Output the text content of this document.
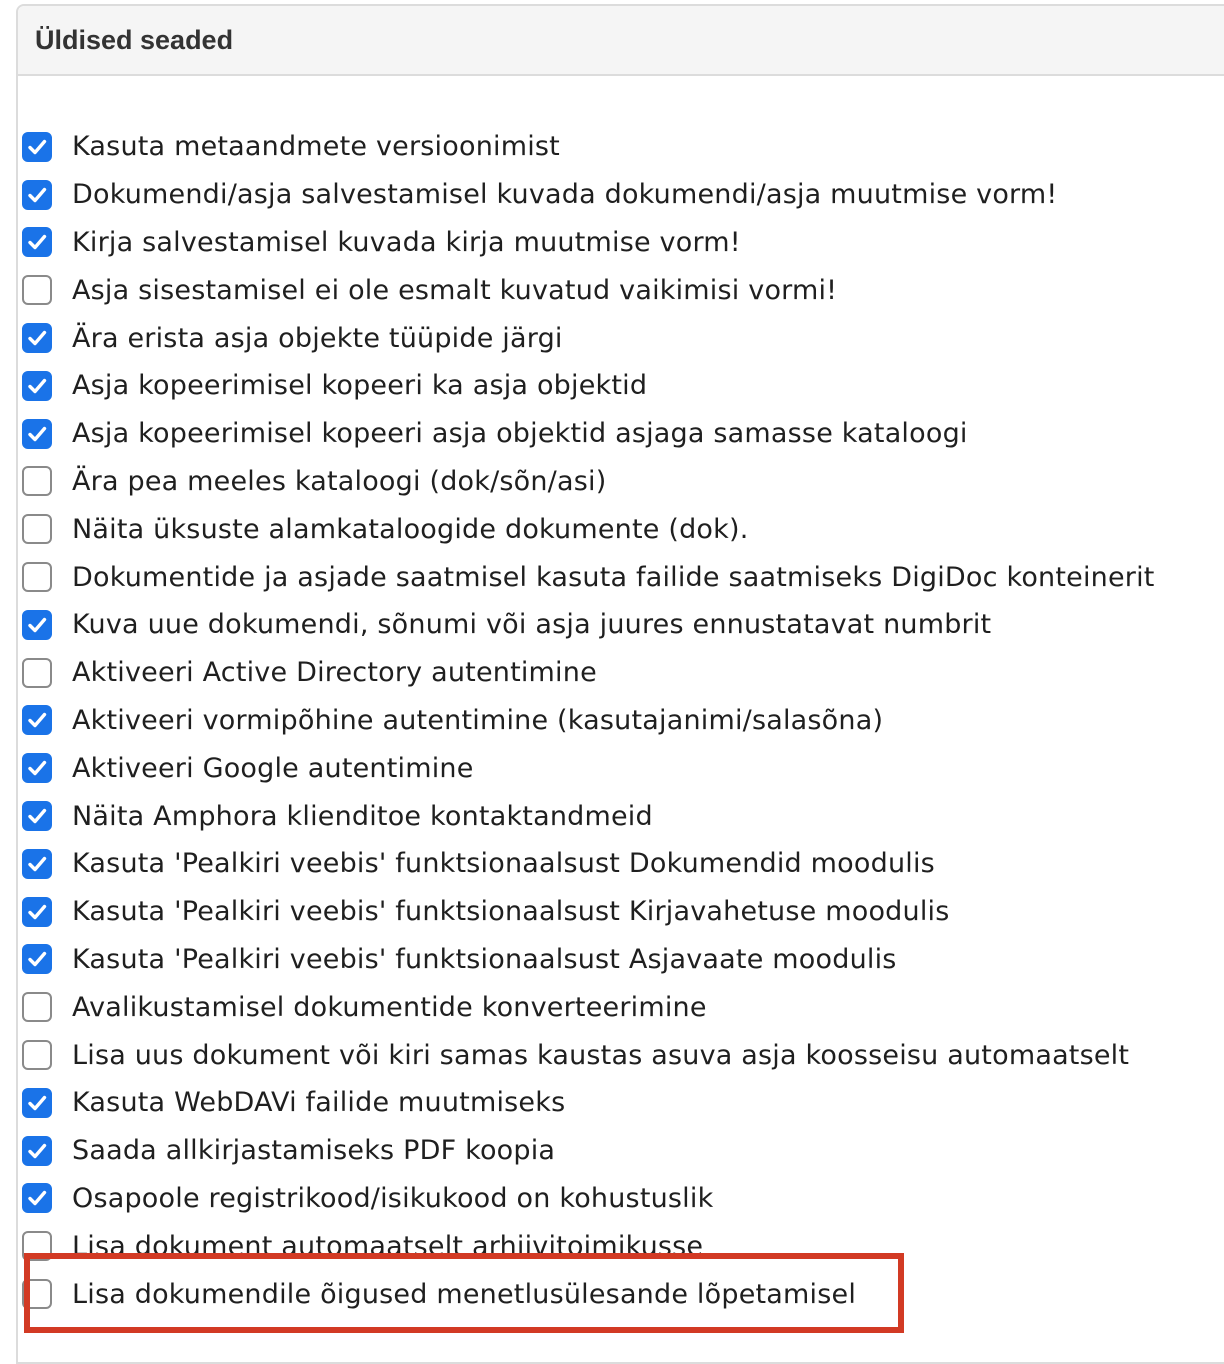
Üldised seaded
Kasuta metaandmete versioonimist
Dokumendi/asja salvestamisel kuvada dokumendi/asja muutmise vorm!
Kirja salvestamisel kuvada kirja muutmise vorm!
Asja sisestamisel ei ole esmalt kuvatud vaikimisi vormi!
Ära erista asja objekte tüüpide järgi
Asja kopeerimisel kopeeri ka asja objektid
Asja kopeerimisel kopeeri asja objektid asjaga samasse kataloogi
Ära pea meeles kataloogi (dok/sõn/asi)
Näita üksuste alamkataloogide dokumente (dok).
Dokumentide ja asjade saatmisel kasuta failide saatmiseks DigiDoc konteinerit
Kuva uue dokumendi, sõnumi või asja juures ennustatavat numbrit
Aktiveeri Active Directory autentimine
Aktiveeri vormipõhine autentimine (kasutajanimi/salasõna)
Aktiveeri Google autentimine
Näita Amphora klienditoe kontaktandmeid
Kasuta 'Pealkiri veebis' funktsionaalsust Dokumendid moodulis
Kasuta 'Pealkiri veebis' funktsionaalsust Kirjavahetuse moodulis
Kasuta 'Pealkiri veebis' funktsionaalsust Asjavaate moodulis
Avalikustamisel dokumentide konverteerimine
Lisa uus dokument või kiri samas kaustas asuva asja koosseisu automaatselt
Kasuta WebDAVi failide muutmiseks
Saada allkirjastamiseks PDF koopia
Osapoole registrikood/isikukood on kohustuslik
Lisa dokument automaatselt arhiivitoimikusse
Lisa dokumendile õigused menetlusülesande lõpetamisel
